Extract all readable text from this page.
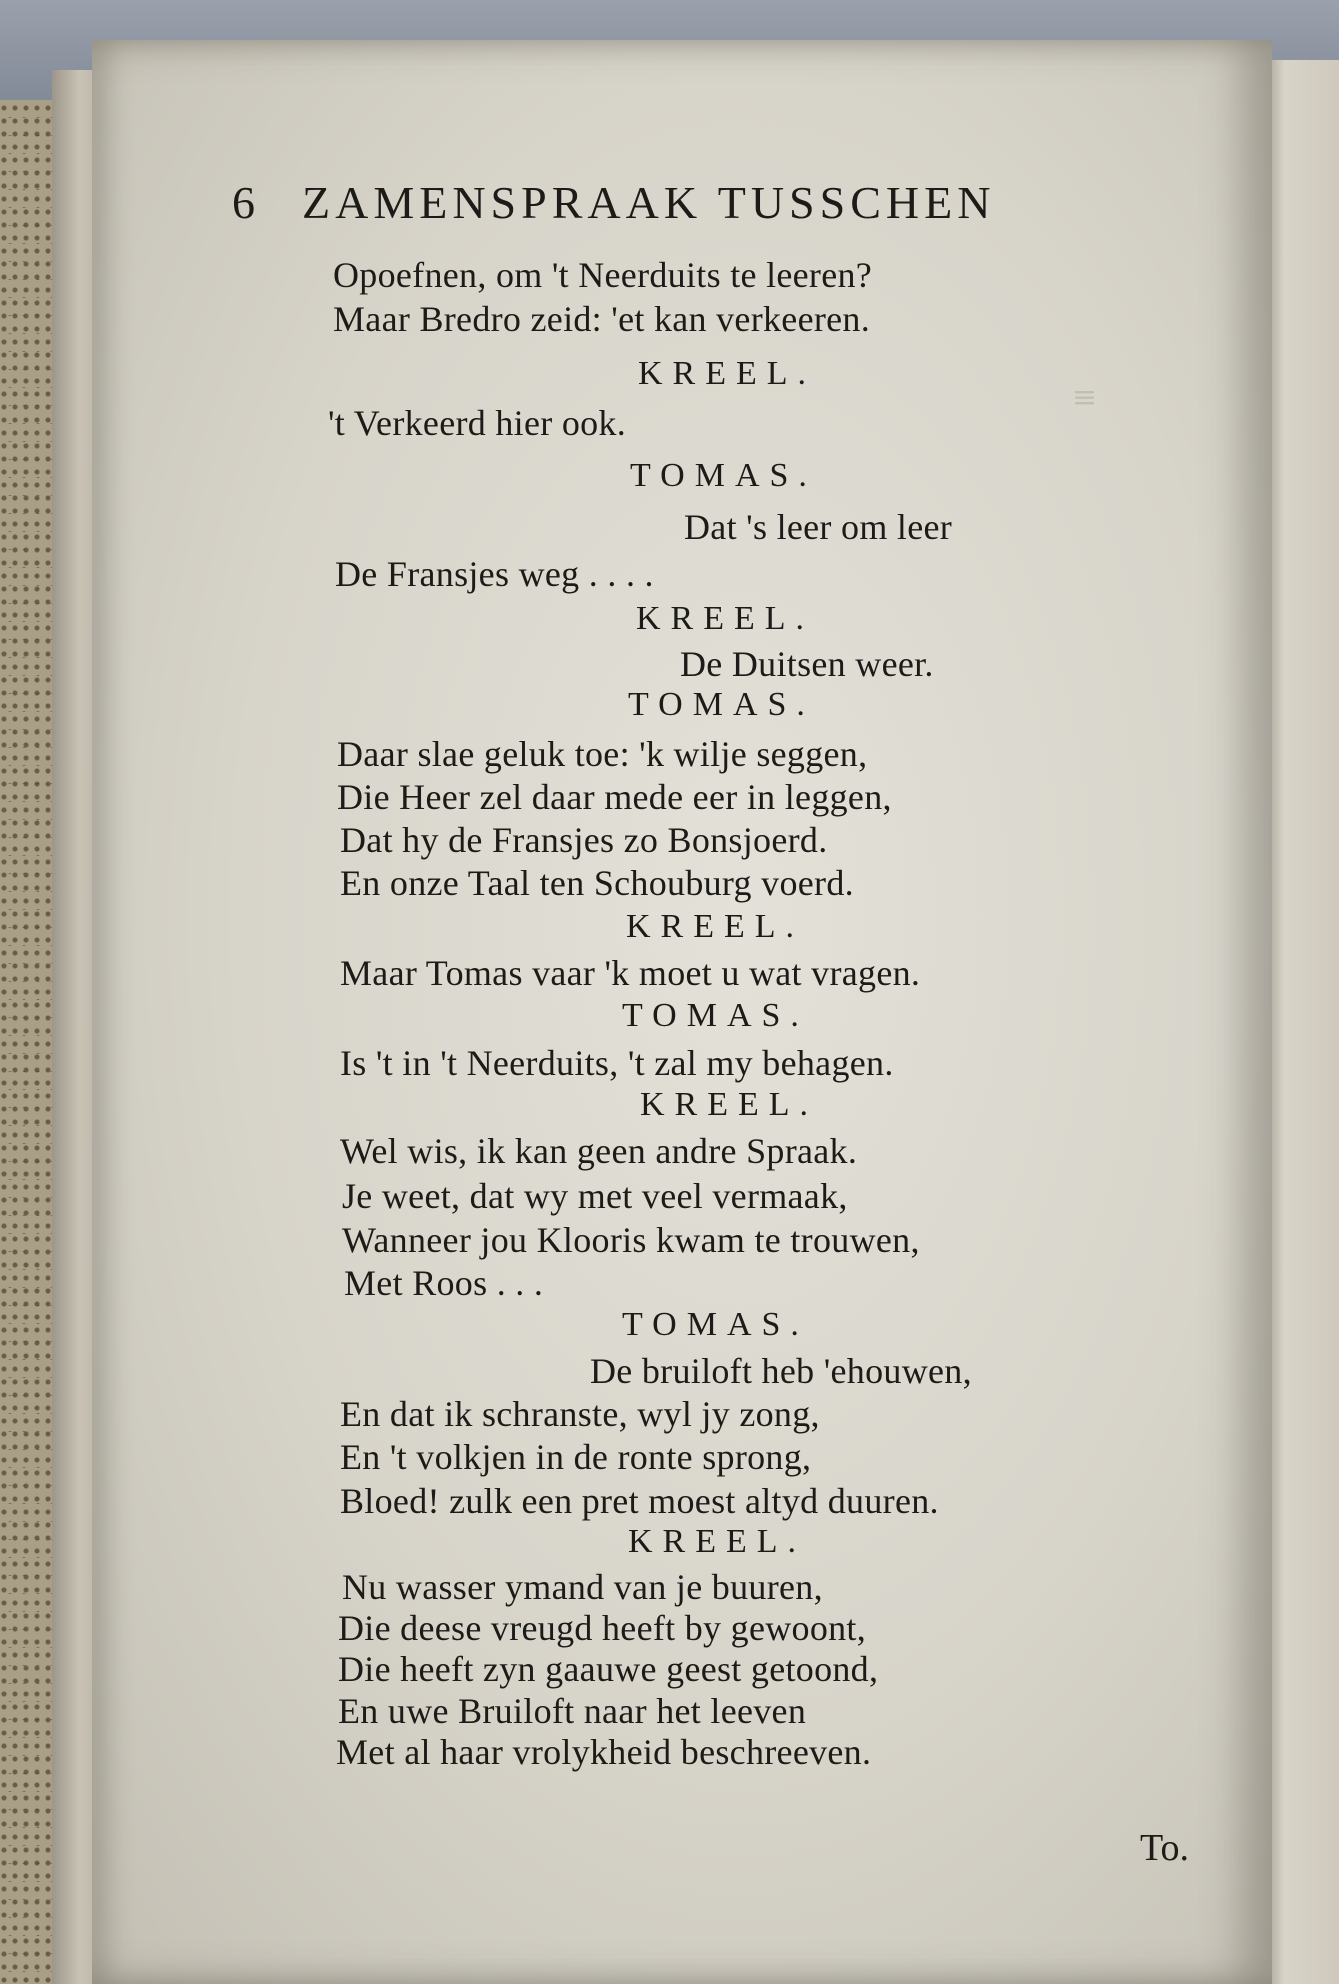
≡
6 ZAMENSPRAAK TUSSCHEN
Opoefnen, om 't Neerduits te leeren?
Maar Bredro zeid: 'et kan verkeeren.
KREEL.
't Verkeerd hier ook.
TOMAS.
Dat 's leer om leer
De Fransjes weg . . . .
KREEL.
De Duitsen weer.
TOMAS.
Daar slae geluk toe: 'k wilje seggen,
Die Heer zel daar mede eer in leggen,
Dat hy de Fransjes zo Bonsjoerd.
En onze Taal ten Schouburg voerd.
KREEL.
Maar Tomas vaar 'k moet u wat vragen.
TOMAS.
Is 't in 't Neerduits, 't zal my behagen.
KREEL.
Wel wis, ik kan geen andre Spraak.
Je weet, dat wy met veel vermaak,
Wanneer jou Klooris kwam te trouwen,
Met Roos . . .
TOMAS.
De bruiloft heb 'ehouwen,
En dat ik schranste, wyl jy zong,
En 't volkjen in de ronte sprong,
Bloed! zulk een pret moest altyd duuren.
KREEL.
Nu wasser ymand van je buuren,
Die deese vreugd heeft by gewoont,
Die heeft zyn gaauwe geest getoond,
En uwe Bruiloft naar het leeven
Met al haar vrolykheid beschreeven.
To.
